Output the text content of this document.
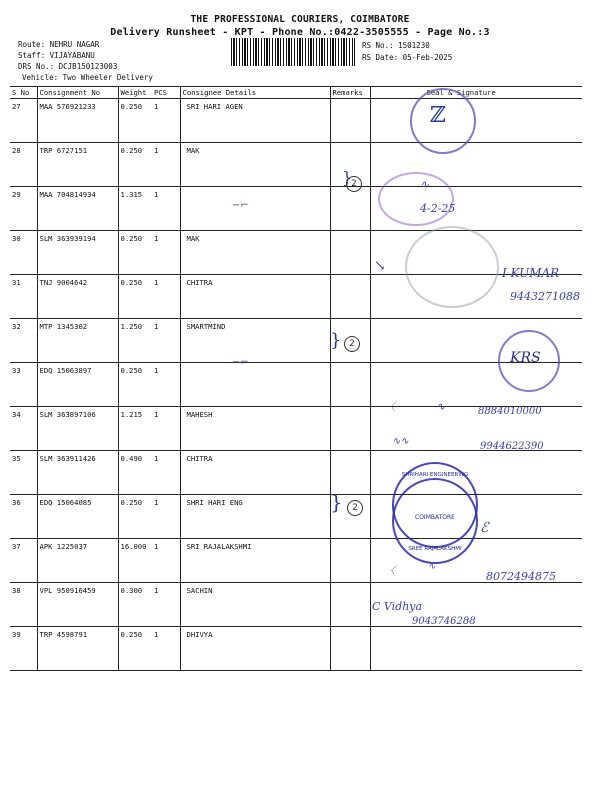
THE PROFESSIONAL COURIERS, COIMBATORE
Delivery Runsheet - KPT - Phone No.:0422-3505555 - Page No.:3
Route: NEHRU NAGAR
Staff: VIJAYABANU
DRS No.: DCJB150123003
Vehicle: Two Wheeler Delivery
RS No.: 1501230
RS Date: 05-Feb-2025
S No	Consignment No	Weight	PCS	Consignee Details	Remarks	Seal & Signature
27	MAA 576921233	0.250	1	SRI HARI AGEN		
28	TRP 6727151	0.250	1	MAK		
29	MAA 704814934	1.315	1			
30	SLM 363939194	0.250	1	MAK		
31	TNJ 9004642	0.250	1	CHITRA		
32	MTP 1345302	1.250	1	SMARTMIND		
33	EDQ 15063897	0.250	1			
34	SLM 363897106	1.215	1	MAHESH		
35	SLM 363911426	0.490	1	CHITRA		
36	EDQ 15064085	0.250	1	SHRI HARI ENG		
37	APK 1225037	16.000	1	SRI RAJALAKSHMI		
38	VPL 950916459	0.300	1	SACHIN		
39	TRP 4598791	0.250	1	DHIVYA		
ℤ
}
2	∿
4-2-25
−⌐
↘	I KUMAR
9443271088
} 2
−⌐	KRS
〈	∿	8884010000
∿∿	9944622390
}	2
SHRIHARI ENGINEERING
COIMBATORE
SREE RAJALAKSHMI
ℰ
〈	∿
8072494875
C Vidhya
9043746288
